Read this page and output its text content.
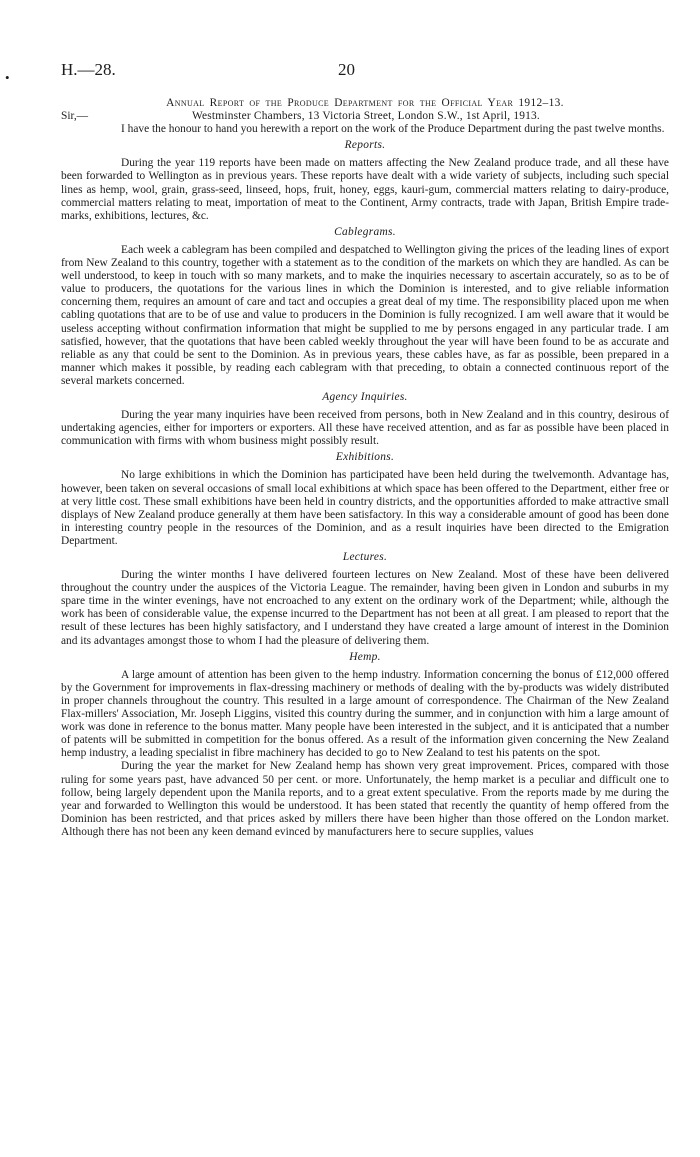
•	H.—28.	20
Annual Report of the Produce Department for the Official Year 1912–13.
Sir,—	Westminster Chambers, 13 Victoria Street, London S.W., 1st April, 1913.

I have the honour to hand you herewith a report on the work of the Produce Department during the past twelve months.

Reports.

During the year 119 reports have been made on matters affecting the New Zealand produce trade, and all these have been forwarded to Wellington as in previous years. These reports have dealt with a wide variety of subjects, including such special lines as hemp, wool, grain, grass-seed, linseed, hops, fruit, honey, eggs, kauri-gum, commercial matters relating to dairy-produce, commercial matters relating to meat, importation of meat to the Continent, Army contracts, trade with Japan, British Empire trade-marks, exhibitions, lectures, &c.

Cablegrams.

Each week a cablegram has been compiled and despatched to Wellington giving the prices of the leading lines of export from New Zealand to this country, together with a statement as to the condition of the markets on which they are handled. As can be well understood, to keep in touch with so many markets, and to make the inquiries necessary to ascertain accurately, so as to be of value to producers, the quotations for the various lines in which the Dominion is interested, and to give reliable information concerning them, requires an amount of care and tact and occupies a great deal of my time. The responsibility placed upon me when cabling quotations that are to be of use and value to producers in the Dominion is fully recognized. I am well aware that it would be useless accepting without confirmation information that might be supplied to me by persons engaged in any particular trade. I am satisfied, however, that the quotations that have been cabled weekly throughout the year will have been found to be as accurate and reliable as any that could be sent to the Dominion. As in previous years, these cables have, as far as possible, been prepared in a manner which makes it possible, by reading each cablegram with that preceding, to obtain a connected continuous report of the several markets concerned.

Agency Inquiries.

During the year many inquiries have been received from persons, both in New Zealand and in this country, desirous of undertaking agencies, either for importers or exporters. All these have received attention, and as far as possible have been placed in communication with firms with whom business might possibly result.

Exhibitions.

No large exhibitions in which the Dominion has participated have been held during the twelvemonth. Advantage has, however, been taken on several occasions of small local exhibitions at which space has been offered to the Department, either free or at very little cost. These small exhibitions have been held in country districts, and the opportunities afforded to make attractive small displays of New Zealand produce generally at them have been satisfactory. In this way a considerable amount of good has been done in interesting country people in the resources of the Dominion, and as a result inquiries have been directed to the Emigration Department.

Lectures.

During the winter months I have delivered fourteen lectures on New Zealand. Most of these have been delivered throughout the country under the auspices of the Victoria League. The remainder, having been given in London and suburbs in my spare time in the winter evenings, have not encroached to any extent on the ordinary work of the Department; while, although the work has been of considerable value, the expense incurred to the Department has not been at all great. I am pleased to report that the result of these lectures has been highly satisfactory, and I understand they have created a large amount of interest in the Dominion and its advantages amongst those to whom I had the pleasure of delivering them.

Hemp.

A large amount of attention has been given to the hemp industry. Information concerning the bonus of £12,000 offered by the Government for improvements in flax-dressing machinery or methods of dealing with the by-products was widely distributed in proper channels throughout the country. This resulted in a large amount of correspondence. The Chairman of the New Zealand Flax-millers' Association, Mr. Joseph Liggins, visited this country during the summer, and in conjunction with him a large amount of work was done in reference to the bonus matter. Many people have been interested in the subject, and it is anticipated that a number of patents will be submitted in competition for the bonus offered. As a result of the information given concerning the New Zealand hemp industry, a leading specialist in fibre machinery has decided to go to New Zealand to test his patents on the spot.

During the year the market for New Zealand hemp has shown very great improvement. Prices, compared with those ruling for some years past, have advanced 50 per cent. or more. Unfortunately, the hemp market is a peculiar and difficult one to follow, being largely dependent upon the Manila reports, and to a great extent speculative. From the reports made by me during the year and forwarded to Wellington this would be understood. It has been stated that recently the quantity of hemp offered from the Dominion has been restricted, and that prices asked by millers there have been higher than those offered on the London market. Although there has not been any keen demand evinced by manufacturers here to secure supplies, values
